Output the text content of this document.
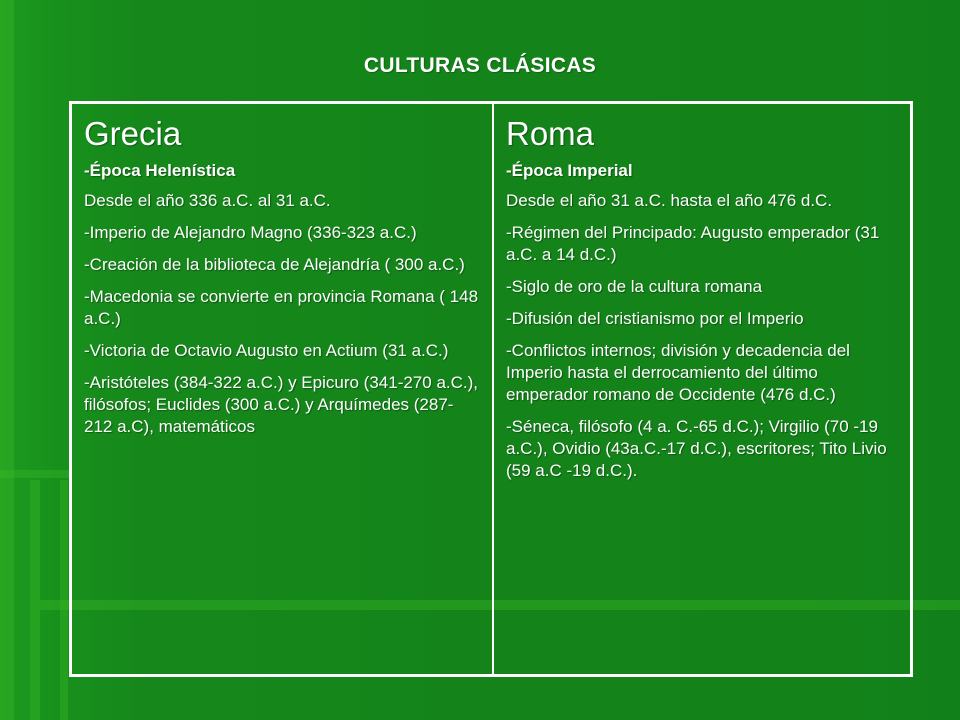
CULTURAS CLÁSICAS
Grecia
-Época Helenística
Desde el año 336 a.C. al 31 a.C.
-Imperio de Alejandro Magno (336-323 a.C.)
-Creación de la biblioteca de Alejandría ( 300 a.C.)
-Macedonia se convierte en provincia Romana ( 148 a.C.)
-Victoria de Octavio Augusto en Actium (31 a.C.)
-Aristóteles (384-322 a.C.) y Epicuro (341-270 a.C.), filósofos; Euclides (300 a.C.) y Arquímedes (287-212 a.C), matemáticos
Roma
-Época Imperial
Desde el año 31 a.C. hasta el año 476 d.C.
-Régimen del Principado: Augusto emperador (31 a.C. a 14 d.C.)
-Siglo de oro de la cultura romana
-Difusión del cristianismo por el Imperio
-Conflictos internos; división y decadencia del Imperio hasta el derrocamiento del último emperador romano de Occidente (476 d.C.)
-Séneca, filósofo (4 a. C.-65 d.C.); Virgilio (70 -19 a.C.), Ovidio (43a.C.-17 d.C.), escritores; Tito Livio (59 a.C -19 d.C.).
